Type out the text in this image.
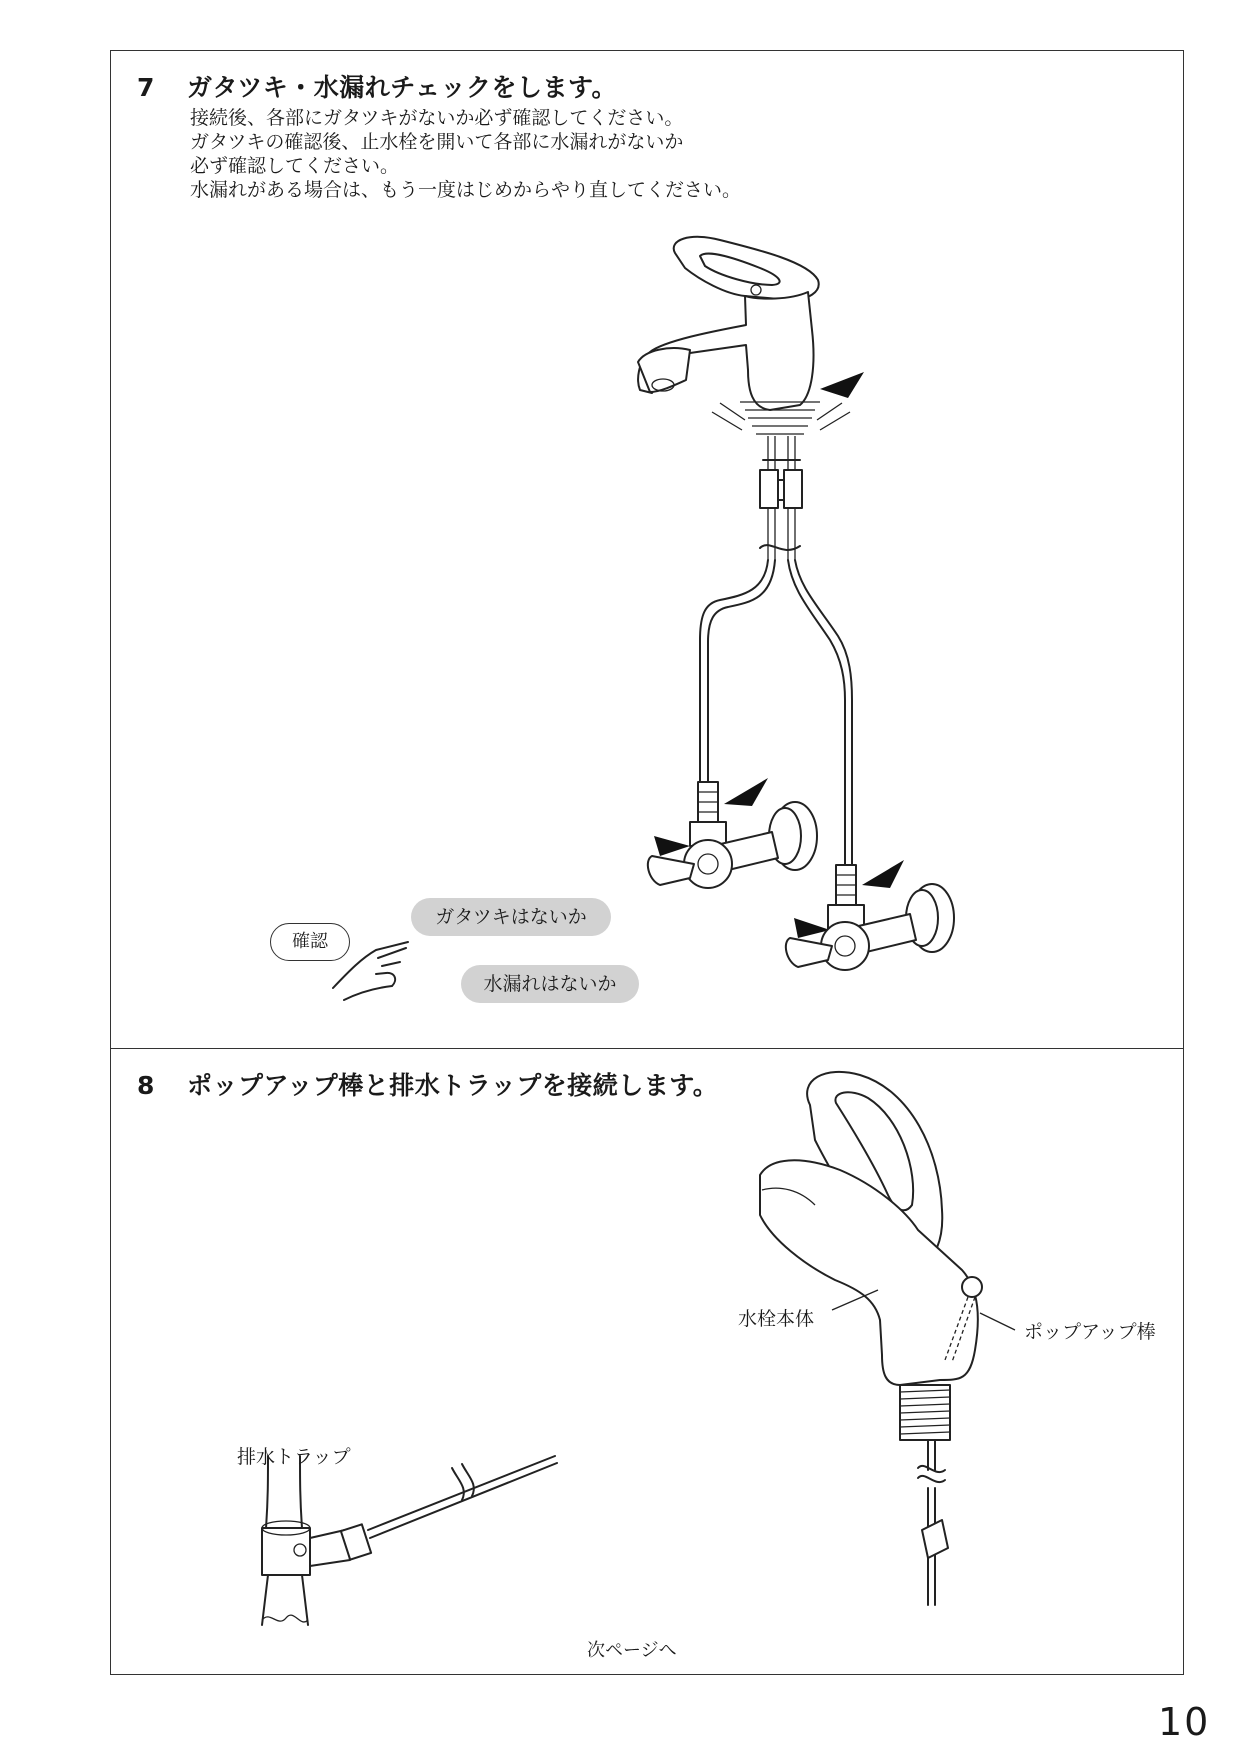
7 ガタツキ・水漏れチェックをします。
接続後、各部にガタツキがないか必ず確認してください。
ガタツキの確認後、止水栓を開いて各部に水漏れがないか
必ず確認してください。
水漏れがある場合は、もう一度はじめからやり直してください。
確認
ガタツキはないか
水漏れはないか
8 ポップアップ棒と排水トラップを接続します。
水栓本体
ポップアップ棒
排水トラップ
次ページへ
10
